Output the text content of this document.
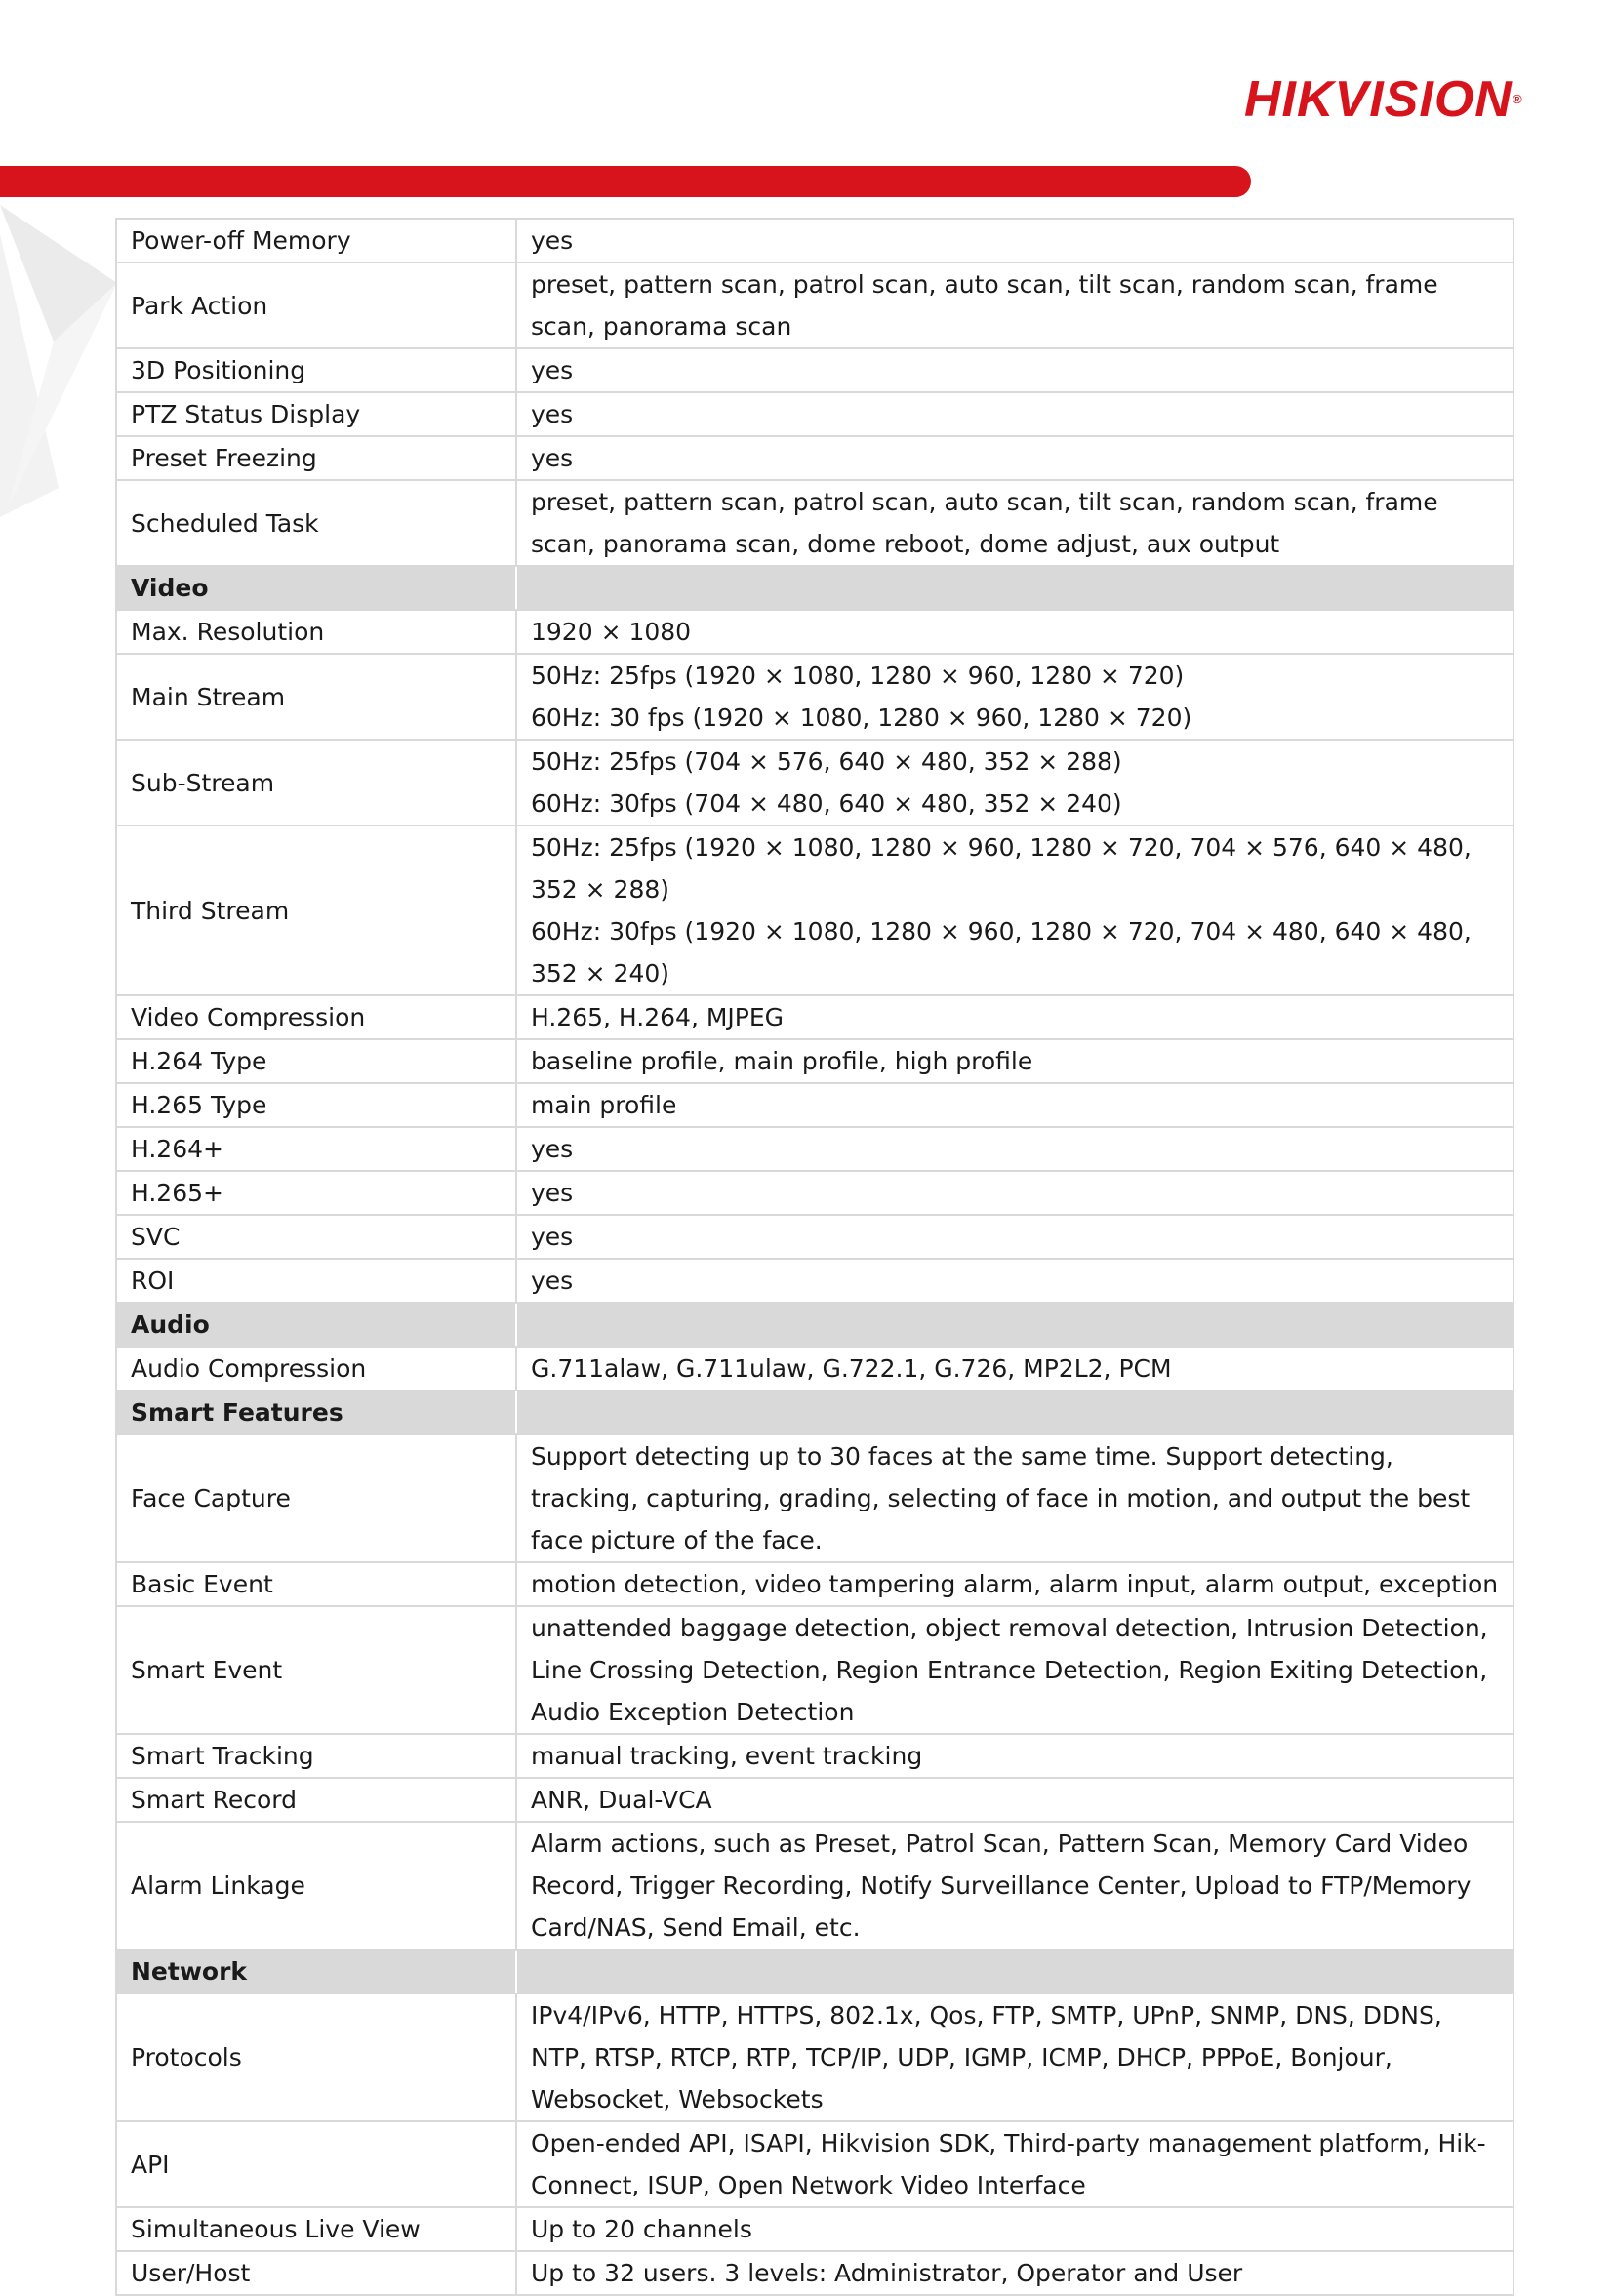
HIKVISION®
Power-off Memory	yes
Park Action	preset, pattern scan, patrol scan, auto scan, tilt scan, random scan, frame scan, panorama scan
3D Positioning	yes
PTZ Status Display	yes
Preset Freezing	yes
Scheduled Task	preset, pattern scan, patrol scan, auto scan, tilt scan, random scan, frame scan, panorama scan, dome reboot, dome adjust, aux output
Video	
Max. Resolution	1920 × 1080
Main Stream	50Hz: 25fps (1920 × 1080, 1280 × 960, 1280 × 720)
60Hz: 30 fps (1920 × 1080, 1280 × 960, 1280 × 720)

Sub-Stream	50Hz: 25fps (704 × 576, 640 × 480, 352 × 288)
60Hz: 30fps (704 × 480, 640 × 480, 352 × 240)

Third Stream	50Hz: 25fps (1920 × 1080, 1280 × 960, 1280 × 720, 704 × 576, 640 × 480, 352 × 288)
60Hz: 30fps (1920 × 1080, 1280 × 960, 1280 × 720, 704 × 480, 640 × 480, 352 × 240)

Video Compression	H.265, H.264, MJPEG
H.264 Type	baseline profile, main profile, high profile
H.265 Type	main profile
H.264+	yes
H.265+	yes
SVC	yes
ROI	yes
Audio	
Audio Compression	G.711alaw, G.711ulaw, G.722.1, G.726, MP2L2, PCM
Smart Features	
Face Capture	Support detecting up to 30 faces at the same time. Support detecting, tracking, capturing, grading, selecting of face in motion, and output the best face picture of the face.
Basic Event	motion detection, video tampering alarm, alarm input, alarm output, exception
Smart Event	unattended baggage detection, object removal detection, Intrusion Detection, Line Crossing Detection, Region Entrance Detection, Region Exiting Detection, Audio Exception Detection
Smart Tracking	manual tracking, event tracking
Smart Record	ANR, Dual-VCA
Alarm Linkage	Alarm actions, such as Preset, Patrol Scan, Pattern Scan, Memory Card Video Record, Trigger Recording, Notify Surveillance Center, Upload to FTP/Memory Card/NAS, Send Email, etc.
Network	
Protocols	IPv4/IPv6, HTTP, HTTPS, 802.1x, Qos, FTP, SMTP, UPnP, SNMP, DNS, DDNS, NTP, RTSP, RTCP, RTP, TCP/IP, UDP, IGMP, ICMP, DHCP, PPPoE, Bonjour, Websocket, Websockets
API	Open-ended API, ISAPI, Hikvision SDK, Third-party management platform, Hik-Connect, ISUP, Open Network Video Interface
Simultaneous Live View	Up to 20 channels
User/Host	Up to 32 users. 3 levels: Administrator, Operator and User
